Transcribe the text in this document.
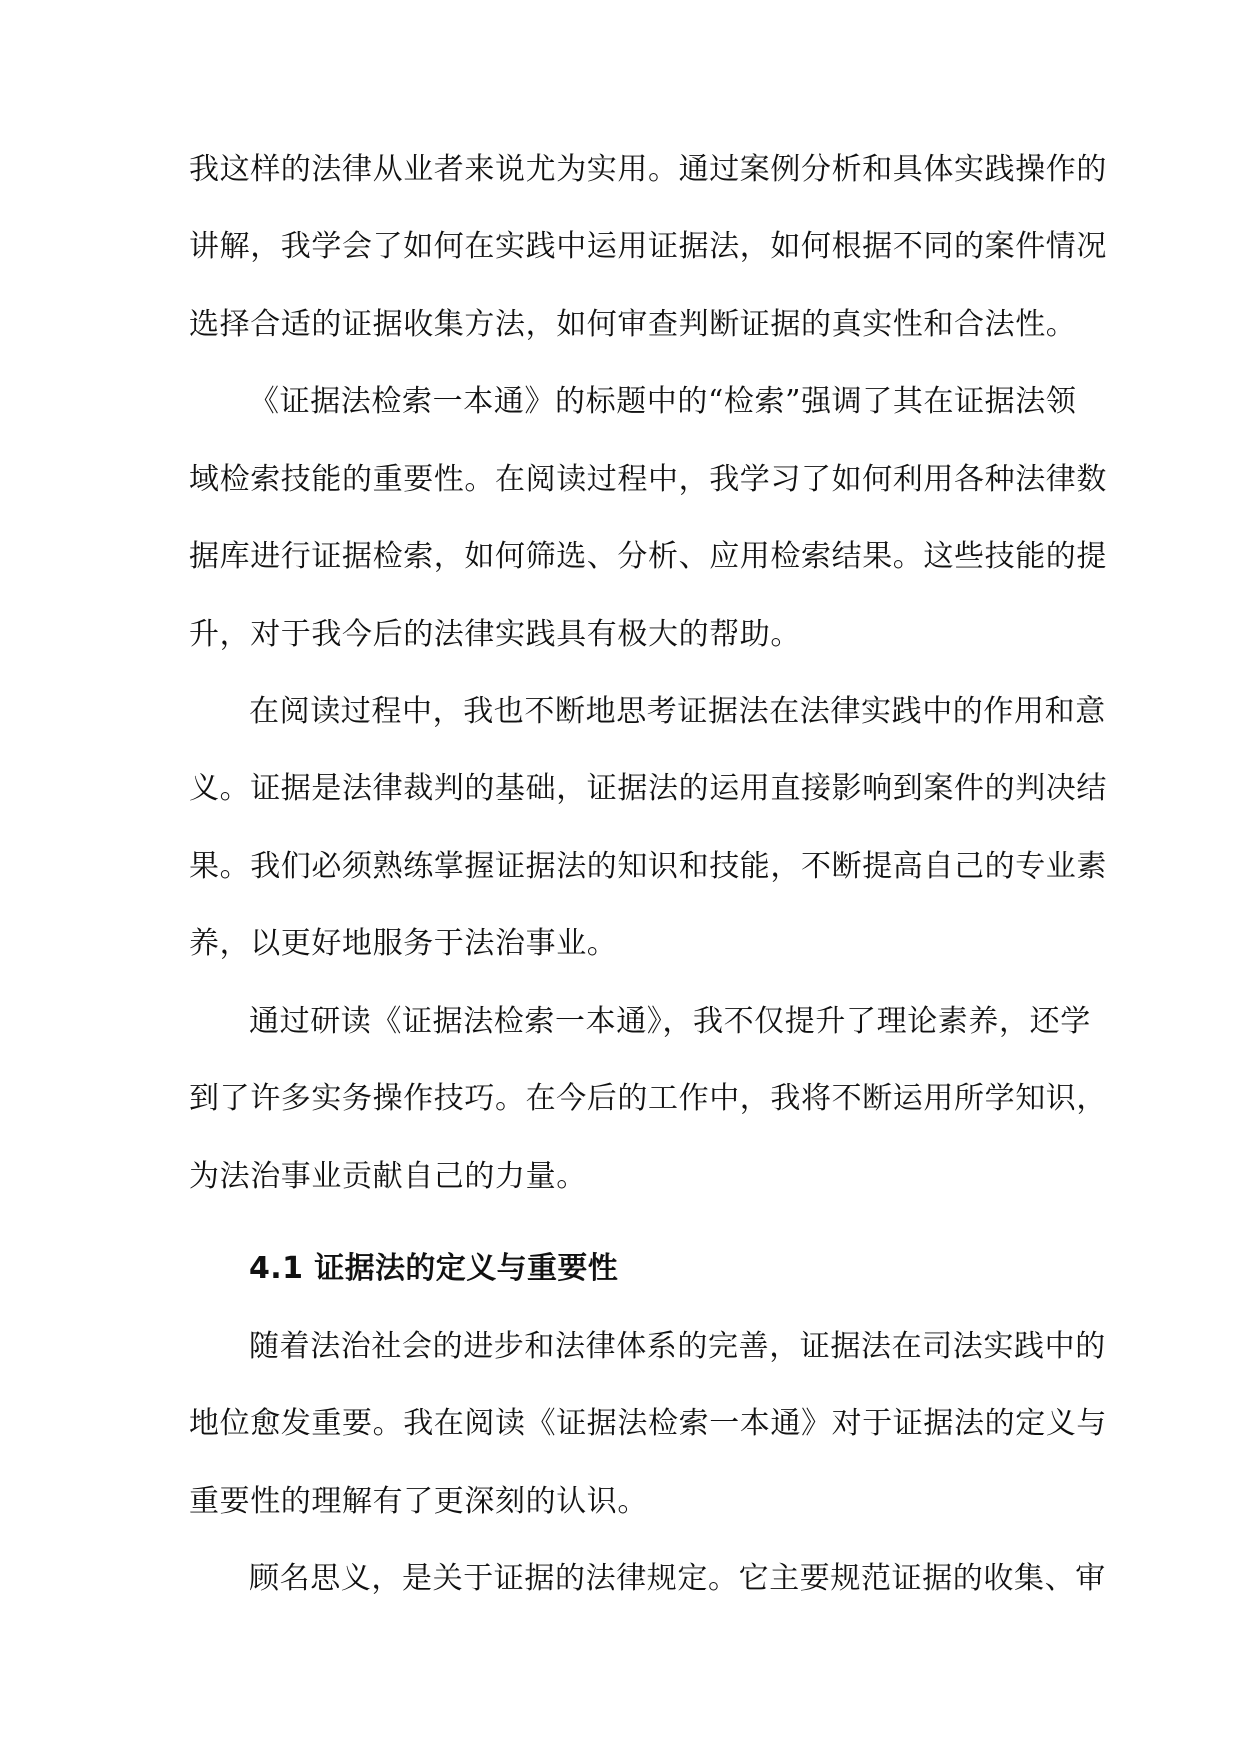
我这样的法律从业者来说尤为实用。通过案例分析和具体实践操作的
讲解，我学会了如何在实践中运用证据法，如何根据不同的案件情况
选择合适的证据收集方法，如何审查判断证据的真实性和合法性。
《证据法检索一本通》的标题中的“检索”强调了其在证据法领
域检索技能的重要性。在阅读过程中，我学习了如何利用各种法律数
据库进行证据检索，如何筛选、分析、应用检索结果。这些技能的提
升，对于我今后的法律实践具有极大的帮助。
在阅读过程中，我也不断地思考证据法在法律实践中的作用和意
义。证据是法律裁判的基础，证据法的运用直接影响到案件的判决结
果。我们必须熟练掌握证据法的知识和技能，不断提高自己的专业素
养，以更好地服务于法治事业。
通过研读《证据法检索一本通》，我不仅提升了理论素养，还学
到了许多实务操作技巧。在今后的工作中，我将不断运用所学知识，
为法治事业贡献自己的力量。
4.1 证据法的定义与重要性
随着法治社会的进步和法律体系的完善，证据法在司法实践中的
地位愈发重要。我在阅读《证据法检索一本通》对于证据法的定义与
重要性的理解有了更深刻的认识。
顾名思义，是关于证据的法律规定。它主要规范证据的收集、审
